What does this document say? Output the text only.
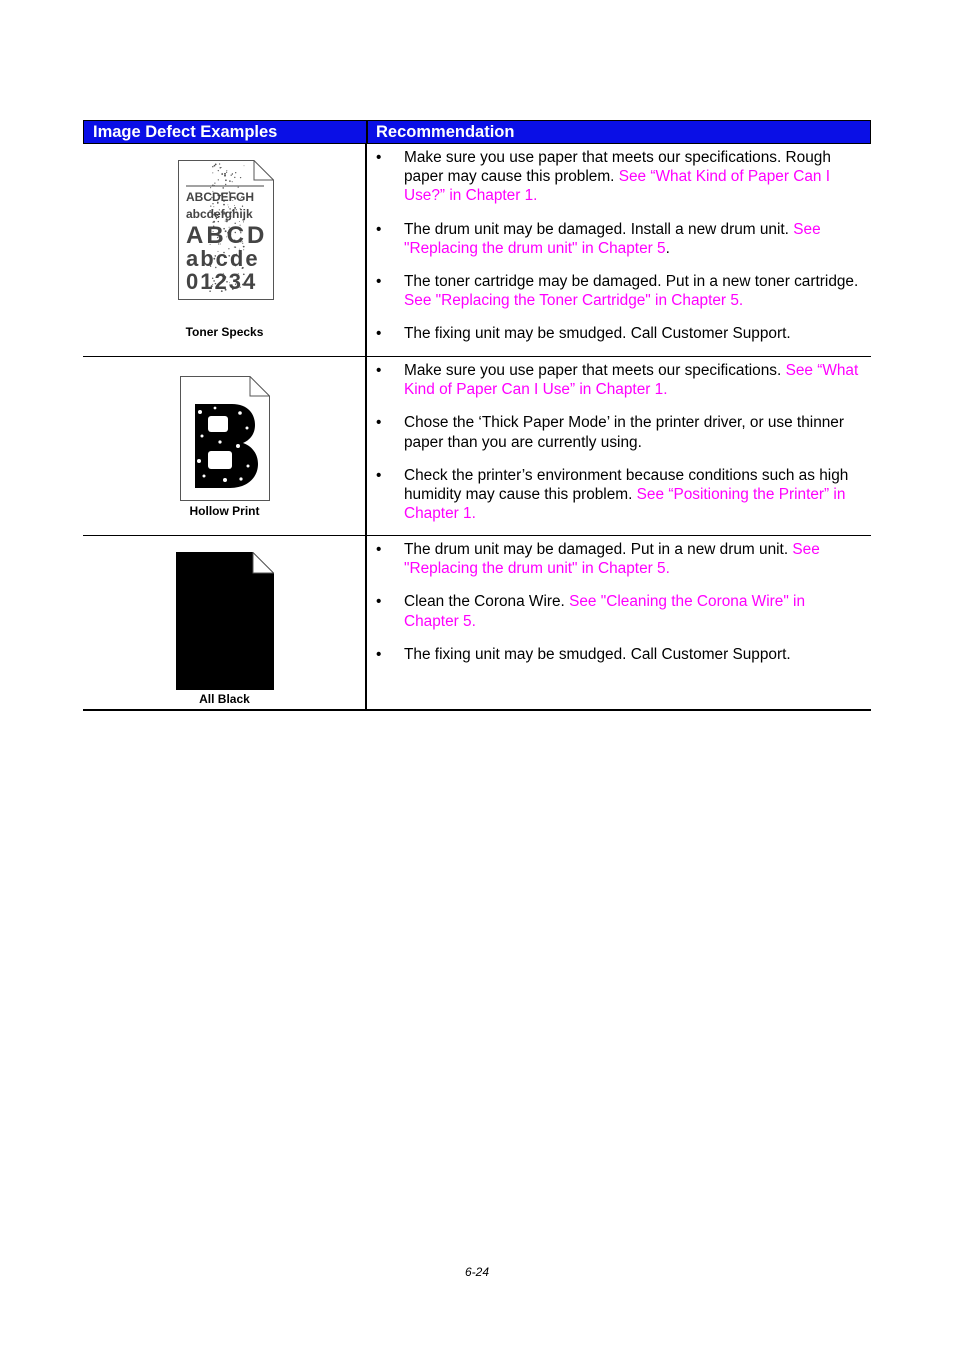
Image Defect Examples	Recommendation
ABCDEFGH
abcdefghijk
ABCD
abcde
01234
Toner Specks
• Make sure you use paper that meets our specifications. Rough paper may cause this problem. See “What Kind of Paper Can I Use?” in Chapter 1.
• The drum unit may be damaged. Install a new drum unit. See "Replacing the drum unit" in Chapter 5.
• The toner cartridge may be damaged. Put in a new toner cartridge. See "Replacing the Toner Cartridge" in Chapter 5.
• The fixing unit may be smudged. Call Customer Support.
Hollow Print
• Make sure you use paper that meets our specifications. See “What Kind of Paper Can I Use” in Chapter 1.
• Chose the ‘Thick Paper Mode’ in the printer driver, or use thinner paper than you are currently using.
• Check the printer’s environment because conditions such as high humidity may cause this problem. See “Positioning the Printer” in Chapter 1.
All Black
• The drum unit may be damaged. Put in a new drum unit. See "Replacing the drum unit" in Chapter 5.
• Clean the Corona Wire. See "Cleaning the Corona Wire" in Chapter 5.
• The fixing unit may be smudged. Call Customer Support.
6-24
